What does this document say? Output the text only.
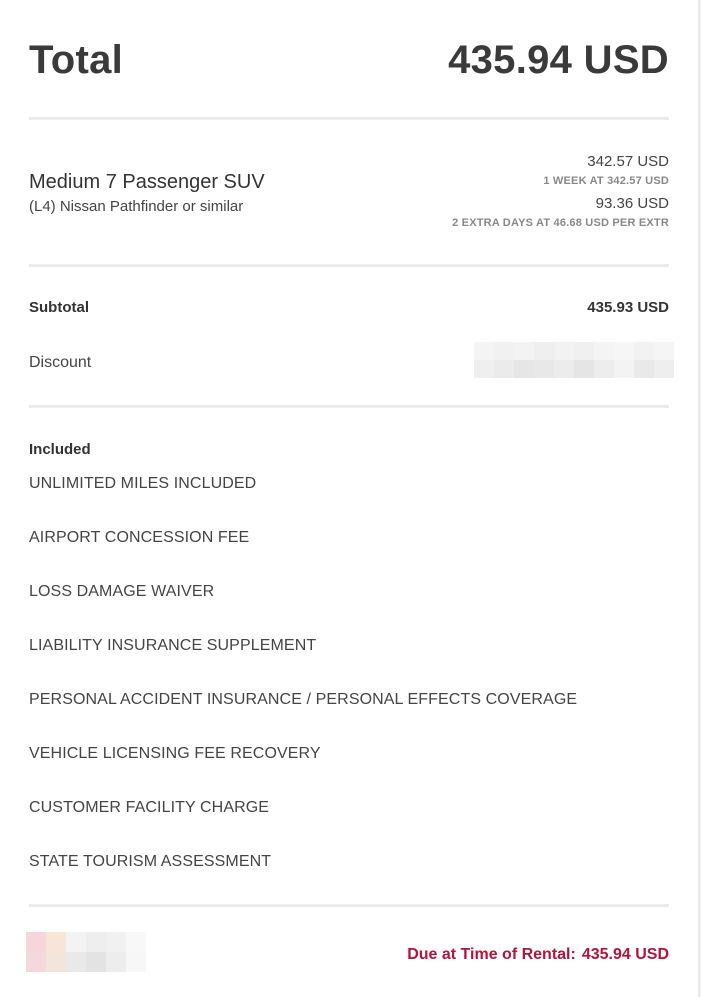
Total	435.94 USD
Medium 7 Passenger SUV
(L4) Nissan Pathfinder or similar
342.57 USD
1 WEEK AT 342.57 USD
93.36 USD
2 EXTRA DAYS AT 46.68 USD PER EXTR
Subtotal	435.93 USD
Discount
Included
UNLIMITED MILES INCLUDED
AIRPORT CONCESSION FEE
LOSS DAMAGE WAIVER
LIABILITY INSURANCE SUPPLEMENT
PERSONAL ACCIDENT INSURANCE / PERSONAL EFFECTS COVERAGE
VEHICLE LICENSING FEE RECOVERY
CUSTOMER FACILITY CHARGE
STATE TOURISM ASSESSMENT
Due at Time of Rental: 435.94 USD
